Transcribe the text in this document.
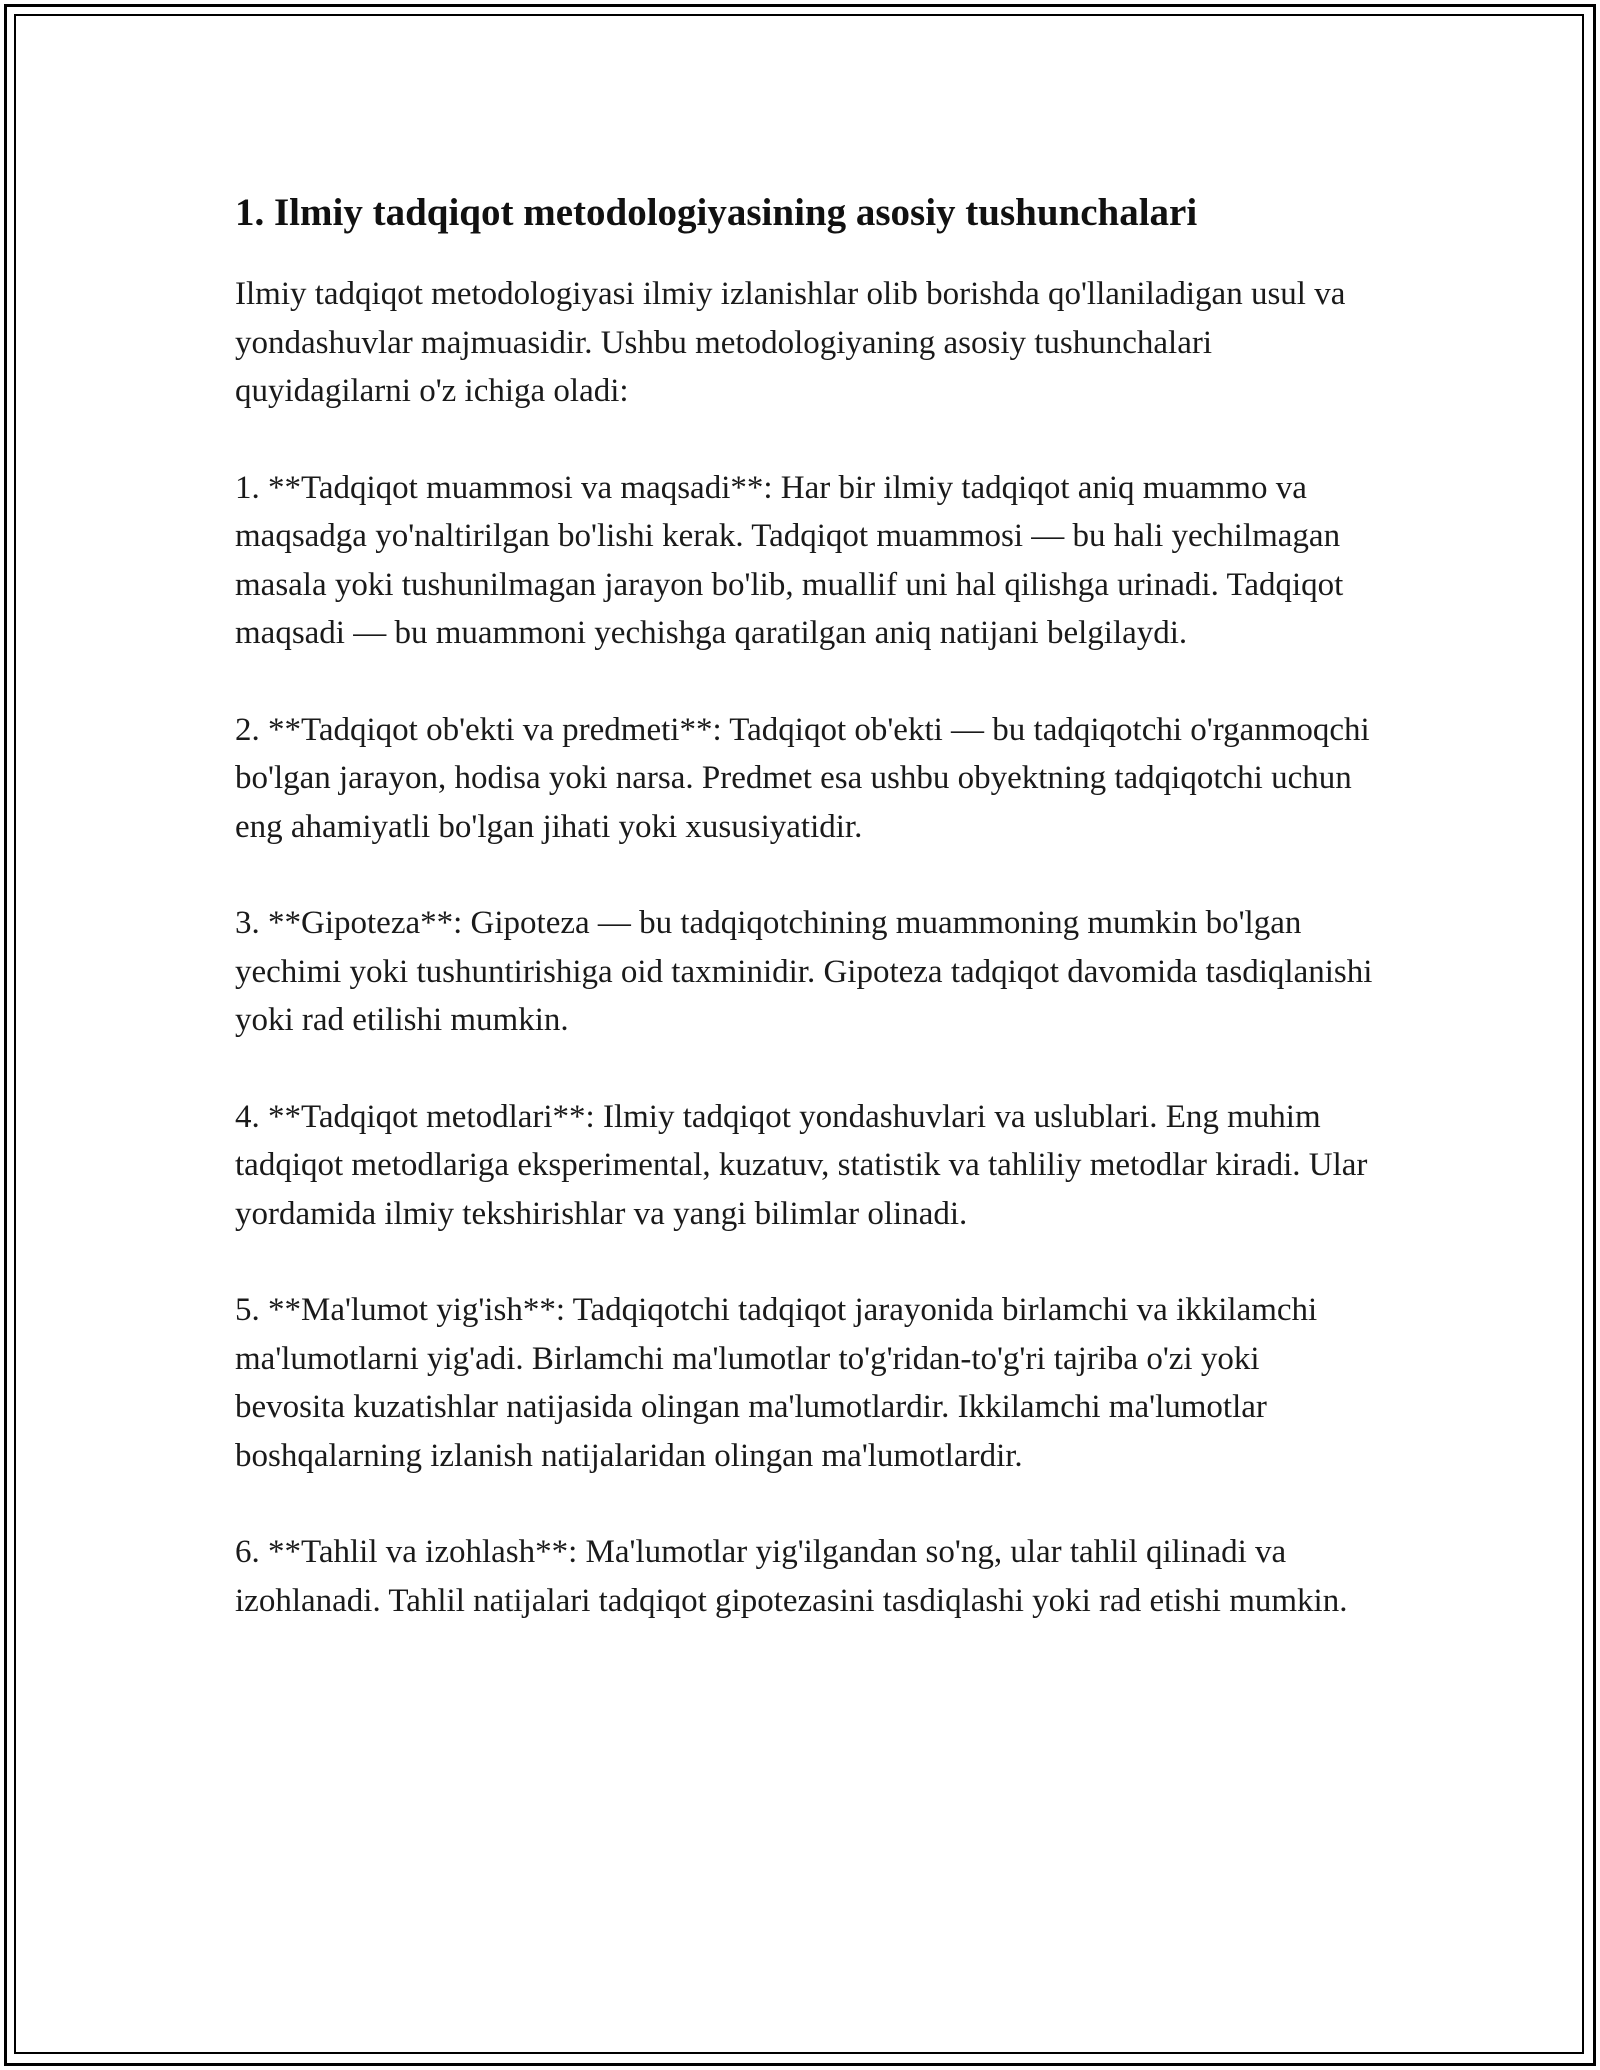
1. Ilmiy tadqiqot metodologiyasining asosiy tushunchalari

Ilmiy tadqiqot metodologiyasi ilmiy izlanishlar olib borishda qo'llaniladigan usul va yondashuvlar majmuasidir. Ushbu metodologiyaning asosiy tushunchalari quyidagilarni o'z ichiga oladi:

1. **Tadqiqot muammosi va maqsadi**: Har bir ilmiy tadqiqot aniq muammo va maqsadga yo'naltirilgan bo'lishi kerak. Tadqiqot muammosi — bu hali yechilmagan masala yoki tushunilmagan jarayon bo'lib, muallif uni hal qilishga urinadi. Tadqiqot maqsadi — bu muammoni yechishga qaratilgan aniq natijani belgilaydi.

2. **Tadqiqot ob'ekti va predmeti**: Tadqiqot ob'ekti — bu tadqiqotchi o'rganmoqchi bo'lgan jarayon, hodisa yoki narsa. Predmet esa ushbu obyektning tadqiqotchi uchun eng ahamiyatli bo'lgan jihati yoki xususiyatidir.

3. **Gipoteza**: Gipoteza — bu tadqiqotchining muammoning mumkin bo'lgan yechimi yoki tushuntirishiga oid taxminidir. Gipoteza tadqiqot davomida tasdiqlanishi yoki rad etilishi mumkin.

4. **Tadqiqot metodlari**: Ilmiy tadqiqot yondashuvlari va uslublari. Eng muhim tadqiqot metodlariga eksperimental, kuzatuv, statistik va tahliliy metodlar kiradi. Ular yordamida ilmiy tekshirishlar va yangi bilimlar olinadi.

5. **Ma'lumot yig'ish**: Tadqiqotchi tadqiqot jarayonida birlamchi va ikkilamchi ma'lumotlarni yig'adi. Birlamchi ma'lumotlar to'g'ridan-to'g'ri tajriba o'zi yoki bevosita kuzatishlar natijasida olingan ma'lumotlardir. Ikkilamchi ma'lumotlar boshqalarning izlanish natijalaridan olingan ma'lumotlardir.

6. **Tahlil va izohlash**: Ma'lumotlar yig'ilgandan so'ng, ular tahlil qilinadi va izohlanadi. Tahlil natijalari tadqiqot gipotezasini tasdiqlashi yoki rad etishi mumkin.
